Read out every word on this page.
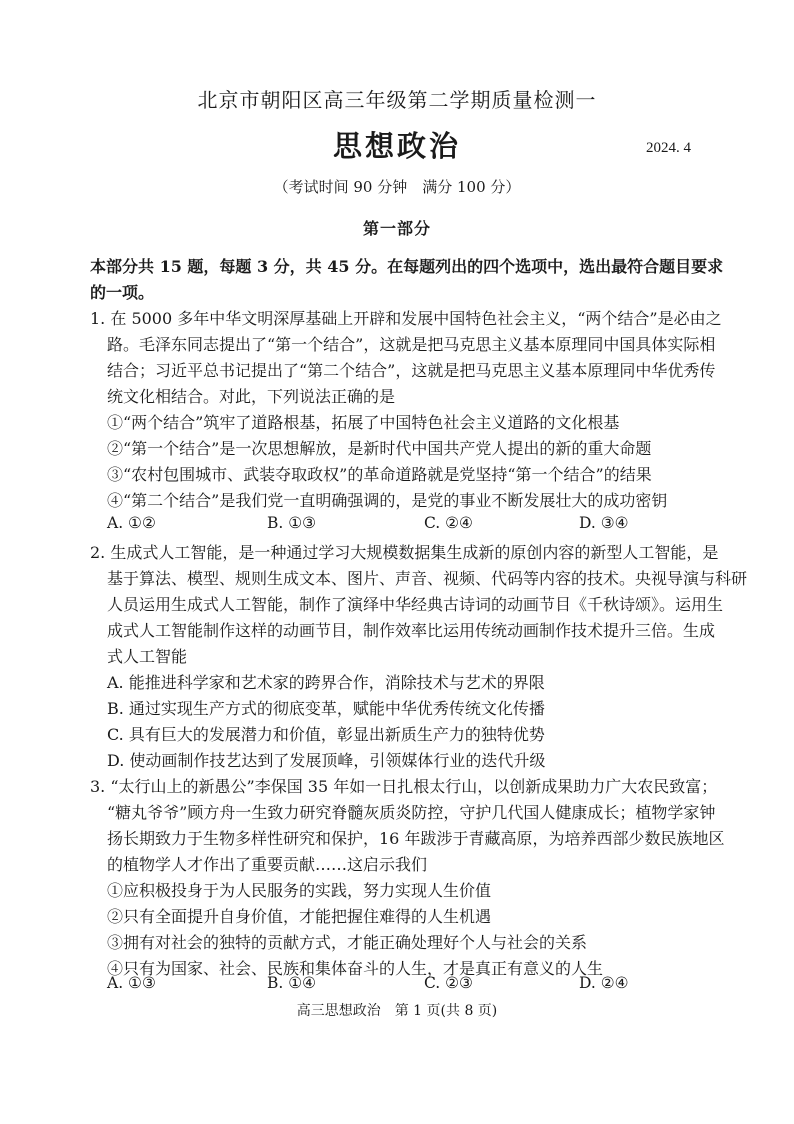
北京市朝阳区高三年级第二学期质量检测一
思想政治	2024. 4
（考试时间 90 分钟　满分 100 分）
第一部分
本部分共 15 题，每题 3 分，共 45 分。在每题列出的四个选项中，选出最符合题目要求
的一项。
1. 在 5000 多年中华文明深厚基础上开辟和发展中国特色社会主义，“两个结合”是必由之
路。毛泽东同志提出了“第一个结合”，这就是把马克思主义基本原理同中国具体实际相
结合；习近平总书记提出了“第二个结合”，这就是把马克思主义基本原理同中华优秀传
统文化相结合。对此，下列说法正确的是
①“两个结合”筑牢了道路根基，拓展了中国特色社会主义道路的文化根基
②“第一个结合”是一次思想解放，是新时代中国共产党人提出的新的重大命题
③“农村包围城市、武装夺取政权”的革命道路就是党坚持“第一个结合”的结果
④“第二个结合”是我们党一直明确强调的，是党的事业不断发展壮大的成功密钥
A. ①②	B. ①③	C. ②④	D. ③④
2. 生成式人工智能，是一种通过学习大规模数据集生成新的原创内容的新型人工智能，是
基于算法、模型、规则生成文本、图片、声音、视频、代码等内容的技术。央视导演与科研
人员运用生成式人工智能，制作了演绎中华经典古诗词的动画节目《千秋诗颂》。运用生
成式人工智能制作这样的动画节目，制作效率比运用传统动画制作技术提升三倍。生成
式人工智能
A. 能推进科学家和艺术家的跨界合作，消除技术与艺术的界限
B. 通过实现生产方式的彻底变革，赋能中华优秀传统文化传播
C. 具有巨大的发展潜力和价值，彰显出新质生产力的独特优势
D. 使动画制作技艺达到了发展顶峰，引领媒体行业的迭代升级
3. “太行山上的新愚公”李保国 35 年如一日扎根太行山，以创新成果助力广大农民致富；
“糖丸爷爷”顾方舟一生致力研究脊髓灰质炎防控，守护几代国人健康成长；植物学家钟
扬长期致力于生物多样性研究和保护，16 年跋涉于青藏高原，为培养西部少数民族地区
的植物学人才作出了重要贡献……这启示我们
①应积极投身于为人民服务的实践，努力实现人生价值
②只有全面提升自身价值，才能把握住难得的人生机遇
③拥有对社会的独特的贡献方式，才能正确处理好个人与社会的关系
④只有为国家、社会、民族和集体奋斗的人生，才是真正有意义的人生
A. ①③	B. ①④	C. ②③	D. ②④
高三思想政治　第 1 页(共 8 页)
